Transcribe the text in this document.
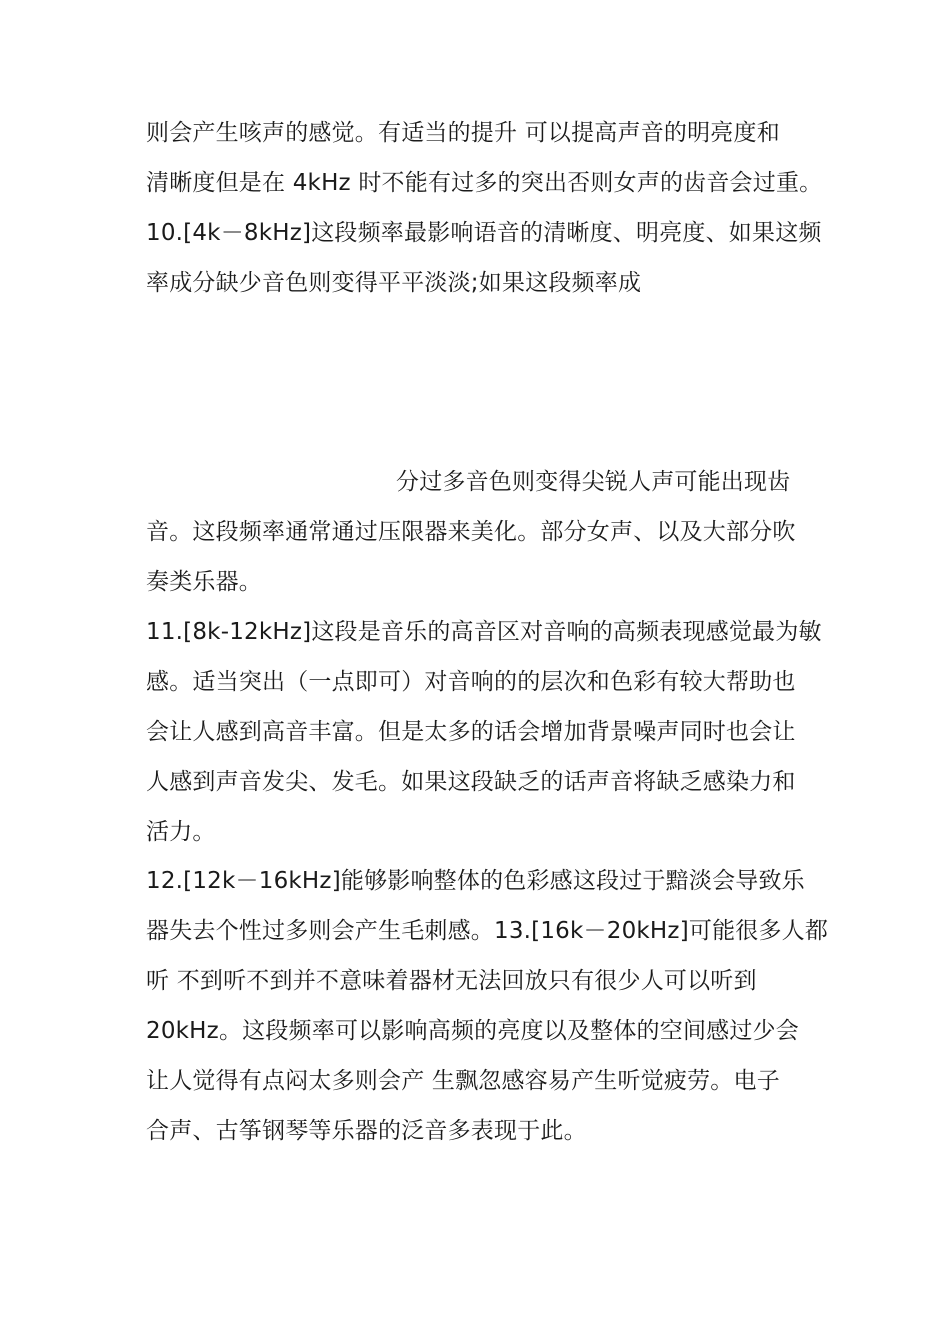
则会产生咳声的感觉。有适当的提升 可以提高声音的明亮度和
清晰度但是在 4kHz 时不能有过多的突出否则女声的齿音会过重。
10.[4k－8kHz]这段频率最影响语音的清晰度、明亮度、如果这频
率成分缺少音色则变得平平淡淡;如果这段频率成
分过多音色则变得尖锐人声可能出现齿
音。这段频率通常通过压限器来美化。部分女声、以及大部分吹
奏类乐器。
11.[8k-12kHz]这段是音乐的高音区对音响的高频表现感觉最为敏
感。适当突出（一点即可）对音响的的层次和色彩有较大帮助也
会让人感到高音丰富。但是太多的话会增加背景噪声同时也会让
人感到声音发尖、发毛。如果这段缺乏的话声音将缺乏感染力和
活力。
12.[12k－16kHz]能够影响整体的色彩感这段过于黯淡会导致乐
器失去个性过多则会产生毛刺感。13.[16k－20kHz]可能很多人都
听 不到听不到并不意味着器材无法回放只有很少人可以听到
20kHz。这段频率可以影响高频的亮度以及整体的空间感过少会
让人觉得有点闷太多则会产 生飘忽感容易产生听觉疲劳。电子
合声、古筝钢琴等乐器的泛音多表现于此。
